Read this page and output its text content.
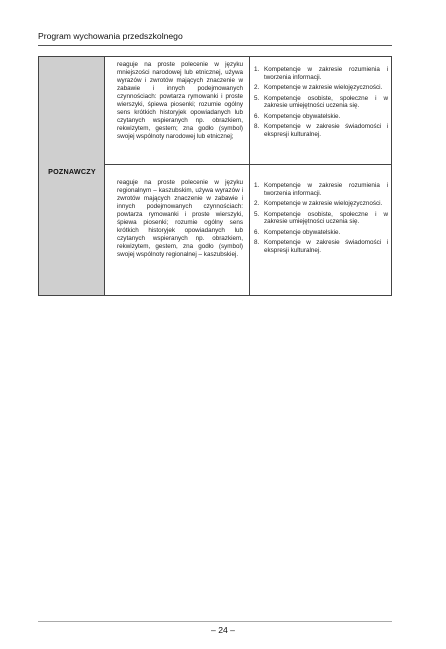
Program wychowania przedszkolnego
POZNAWCZY

reaguje na proste polecenie w języku mniejszości narodowej lub etnicznej, używa wyrazów i zwrotów mających znaczenie w zabawie i innych podejmowanych czynnościach: powtarza rymowanki i proste wierszyki, śpiewa piosenki; rozumie ogólny sens krótkich historyjek opowiadanych lub czytanych wspieranych np. obrazkiem, rekwizytem, gestem; zna godło (symbol) swojej wspólnoty narodowej lub etnicznej;

1. Kompetencje w zakresie rozumienia i tworzenia informacji.
2. Kompetencje w zakresie wielojęzyczności.
5. Kompetencje osobiste, społeczne i w zakresie umiejętności uczenia się.
6. Kompetencje obywatelskie.
8. Kompetencje w zakresie świadomości i ekspresji kulturalnej.

reaguje na proste polecenie w języku regionalnym – kaszubskim, używa wyrazów i zwrotów mających znaczenie w zabawie i innych podejmowanych czynnościach: powtarza rymowanki i proste wierszyki, śpiewa piosenki; rozumie ogólny sens krótkich historyjek opowiadanych lub czytanych wspieranych np. obrazkiem, rekwizytem, gestem, zna godło (symbol) swojej wspólnoty regionalnej – kaszubskiej.

1. Kompetencje w zakresie rozumienia i tworzenia informacji.
2. Kompetencje w zakresie wielojęzyczności.
5. Kompetencje osobiste, społeczne i w zakresie umiejętności uczenia się.
6. Kompetencje obywatelskie.
8. Kompetencje w zakresie świadomości i ekspresji kulturalnej.
– 24 –
